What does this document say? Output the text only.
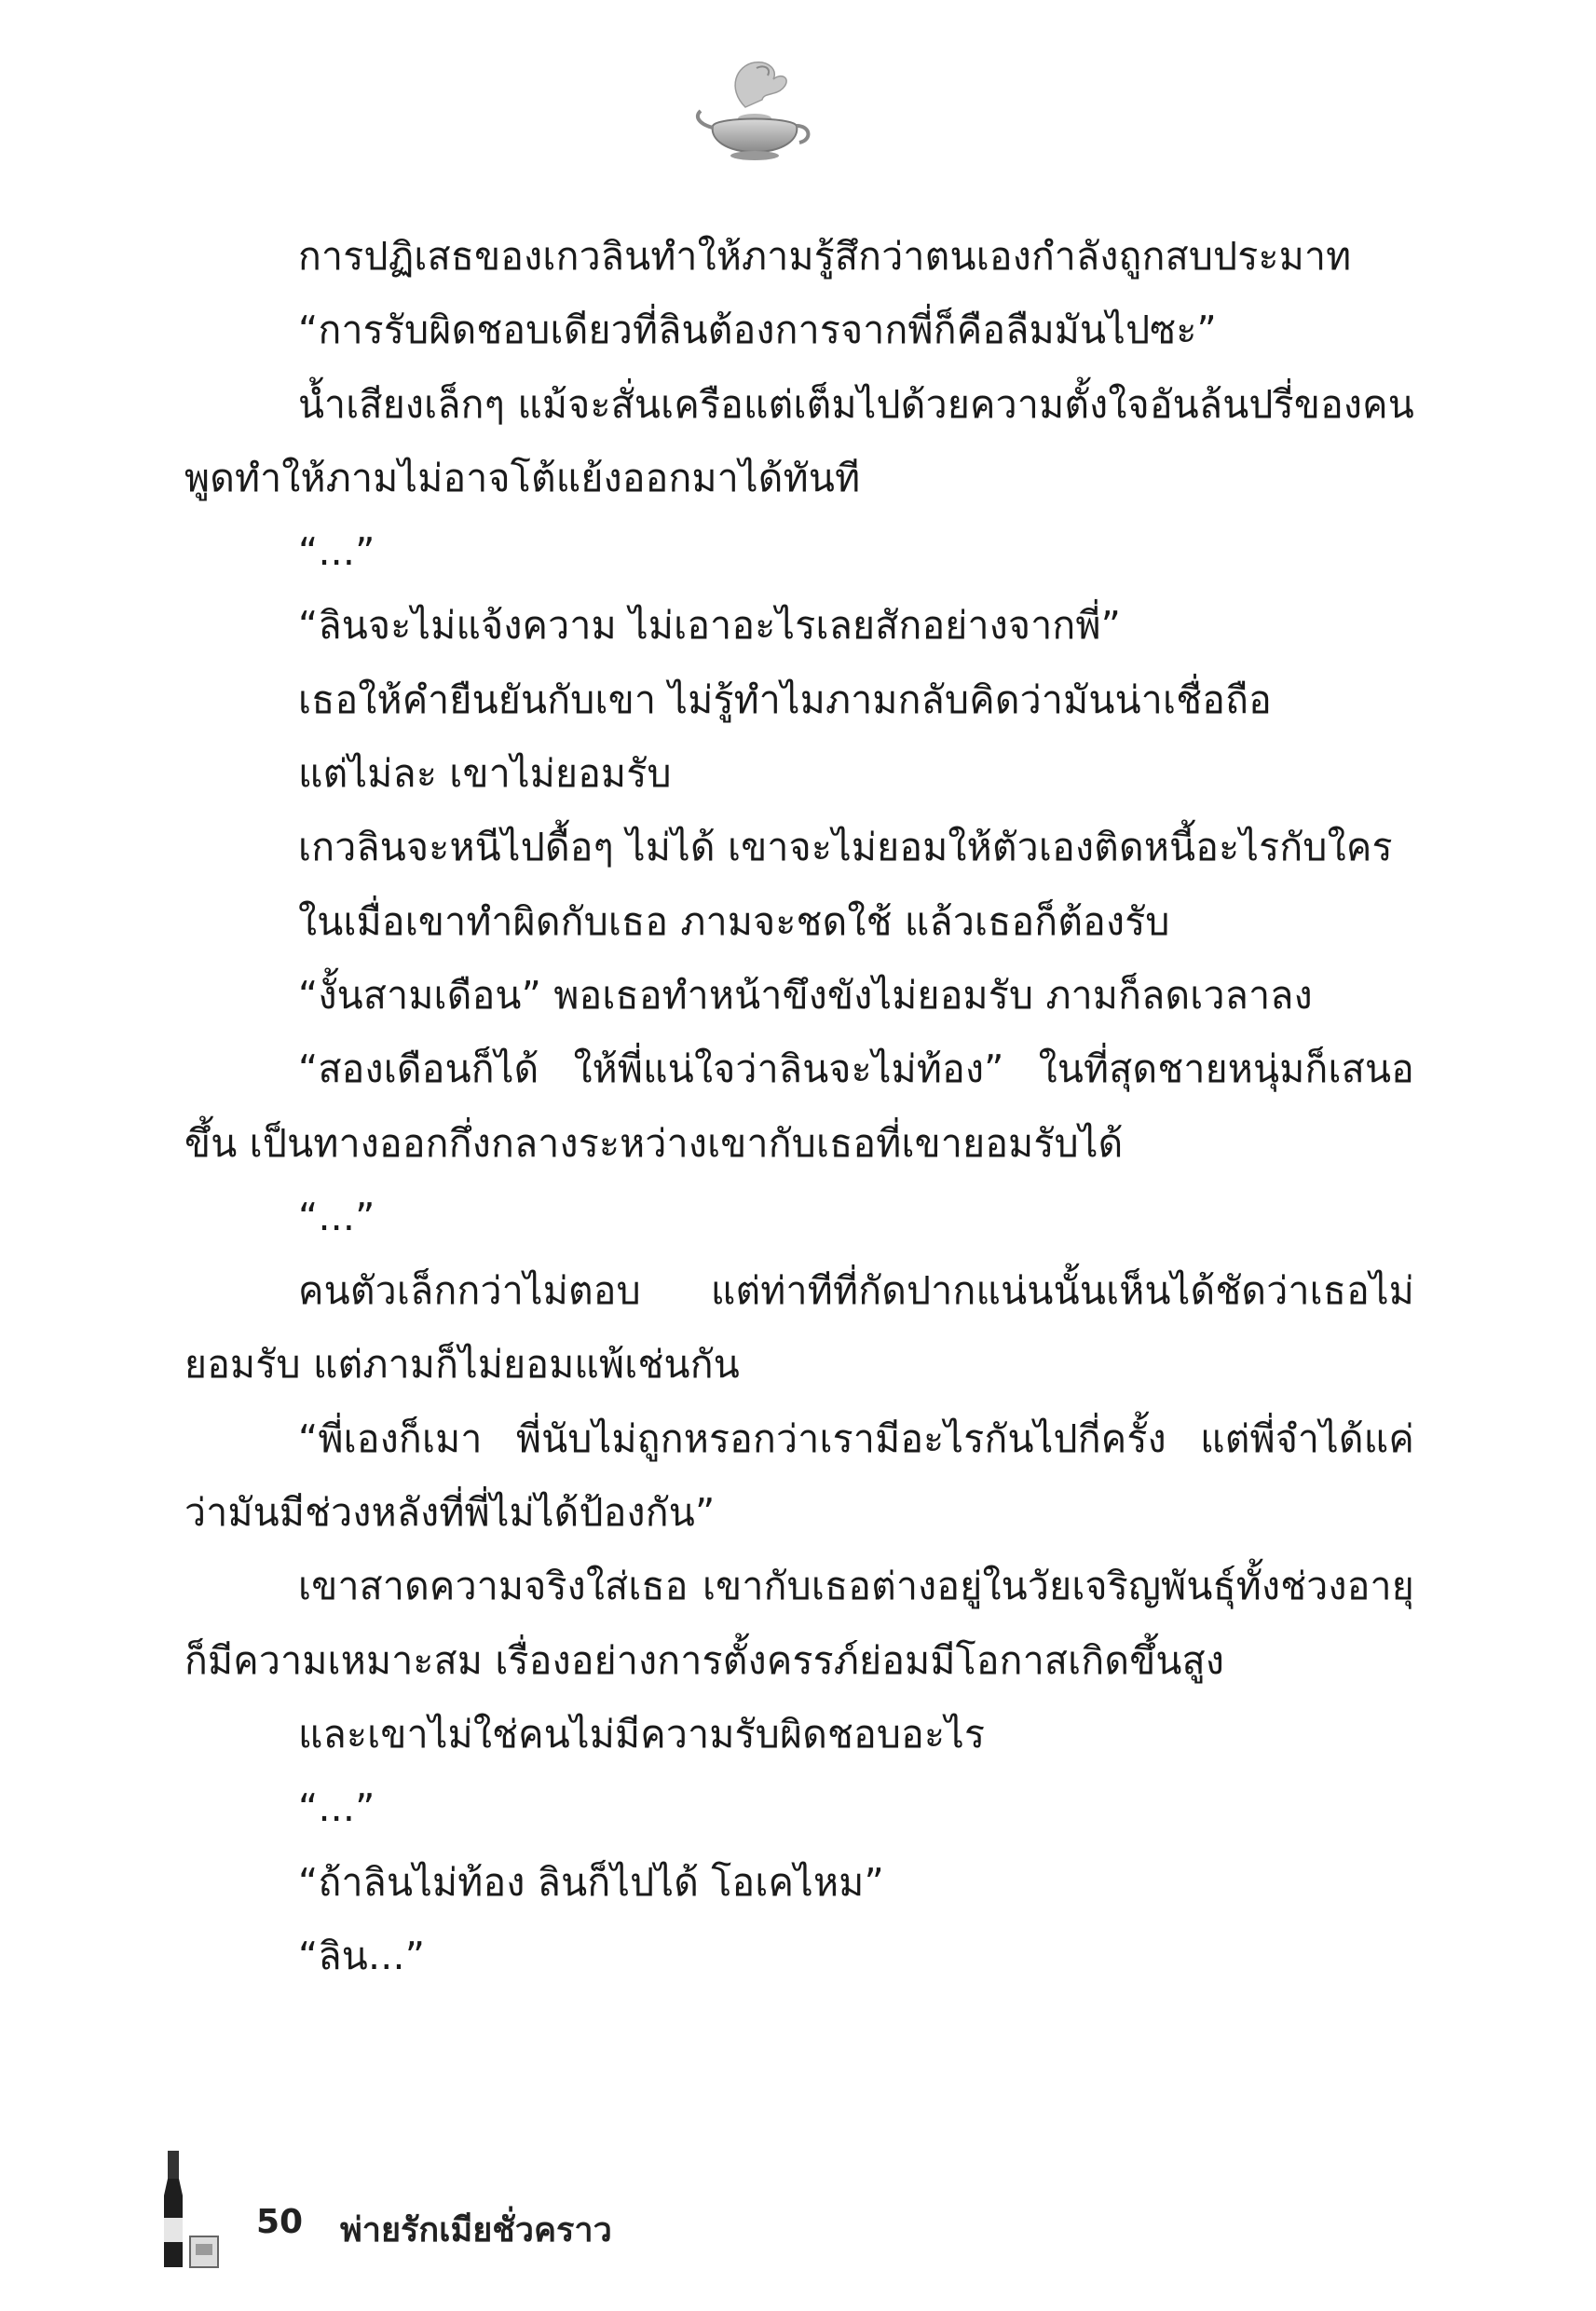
การปฏิเสธของเกวลินทำให้ภามรู้สึกว่าตนเองกำลังถูกสบประมาท

“การรับผิดชอบเดียวที่ลินต้องการจากพี่ก็คือลืมมันไปซะ”

น้ำเสียงเล็กๆ แม้จะสั่นเครือแต่เต็มไปด้วยความตั้งใจอันล้นปรี่ของคนพูดทำให้ภามไม่อาจโต้แย้งออกมาได้ทันที

“...”

“ลินจะไม่แจ้งความ ไม่เอาอะไรเลยสักอย่างจากพี่”

เธอให้คำยืนยันกับเขา ไม่รู้ทำไมภามกลับคิดว่ามันน่าเชื่อถือ

แต่ไม่ละ เขาไม่ยอมรับ

เกวลินจะหนีไปดื้อๆ ไม่ได้ เขาจะไม่ยอมให้ตัวเองติดหนี้อะไรกับใคร

ในเมื่อเขาทำผิดกับเธอ ภามจะชดใช้ แล้วเธอก็ต้องรับ

“งั้นสามเดือน” พอเธอทำหน้าขึงขังไม่ยอมรับ ภามก็ลดเวลาลง

“สองเดือนก็ได้ ให้พี่แน่ใจว่าลินจะไม่ท้อง” ในที่สุดชายหนุ่มก็เสนอขึ้น เป็นทางออกกึ่งกลางระหว่างเขากับเธอที่เขายอมรับได้

“...”

คนตัวเล็กกว่าไม่ตอบ แต่ท่าทีที่กัดปากแน่นนั้นเห็นได้ชัดว่าเธอไม่ยอมรับ แต่ภามก็ไม่ยอมแพ้เช่นกัน

“พี่เองก็เมา พี่นับไม่ถูกหรอกว่าเรามีอะไรกันไปกี่ครั้ง แต่พี่จำได้แค่ว่ามันมีช่วงหลังที่พี่ไม่ได้ป้องกัน”

เขาสาดความจริงใส่เธอ เขากับเธอต่างอยู่ในวัยเจริญพันธุ์ทั้งช่วงอายุก็มีความเหมาะสม เรื่องอย่างการตั้งครรภ์ย่อมมีโอกาสเกิดขึ้นสูง

และเขาไม่ใช่คนไม่มีความรับผิดชอบอะไร

“...”

“ถ้าลินไม่ท้อง ลินก็ไปได้ โอเคไหม”

“ลิน...”

50 พ่ายรักเมียชั่วคราว
